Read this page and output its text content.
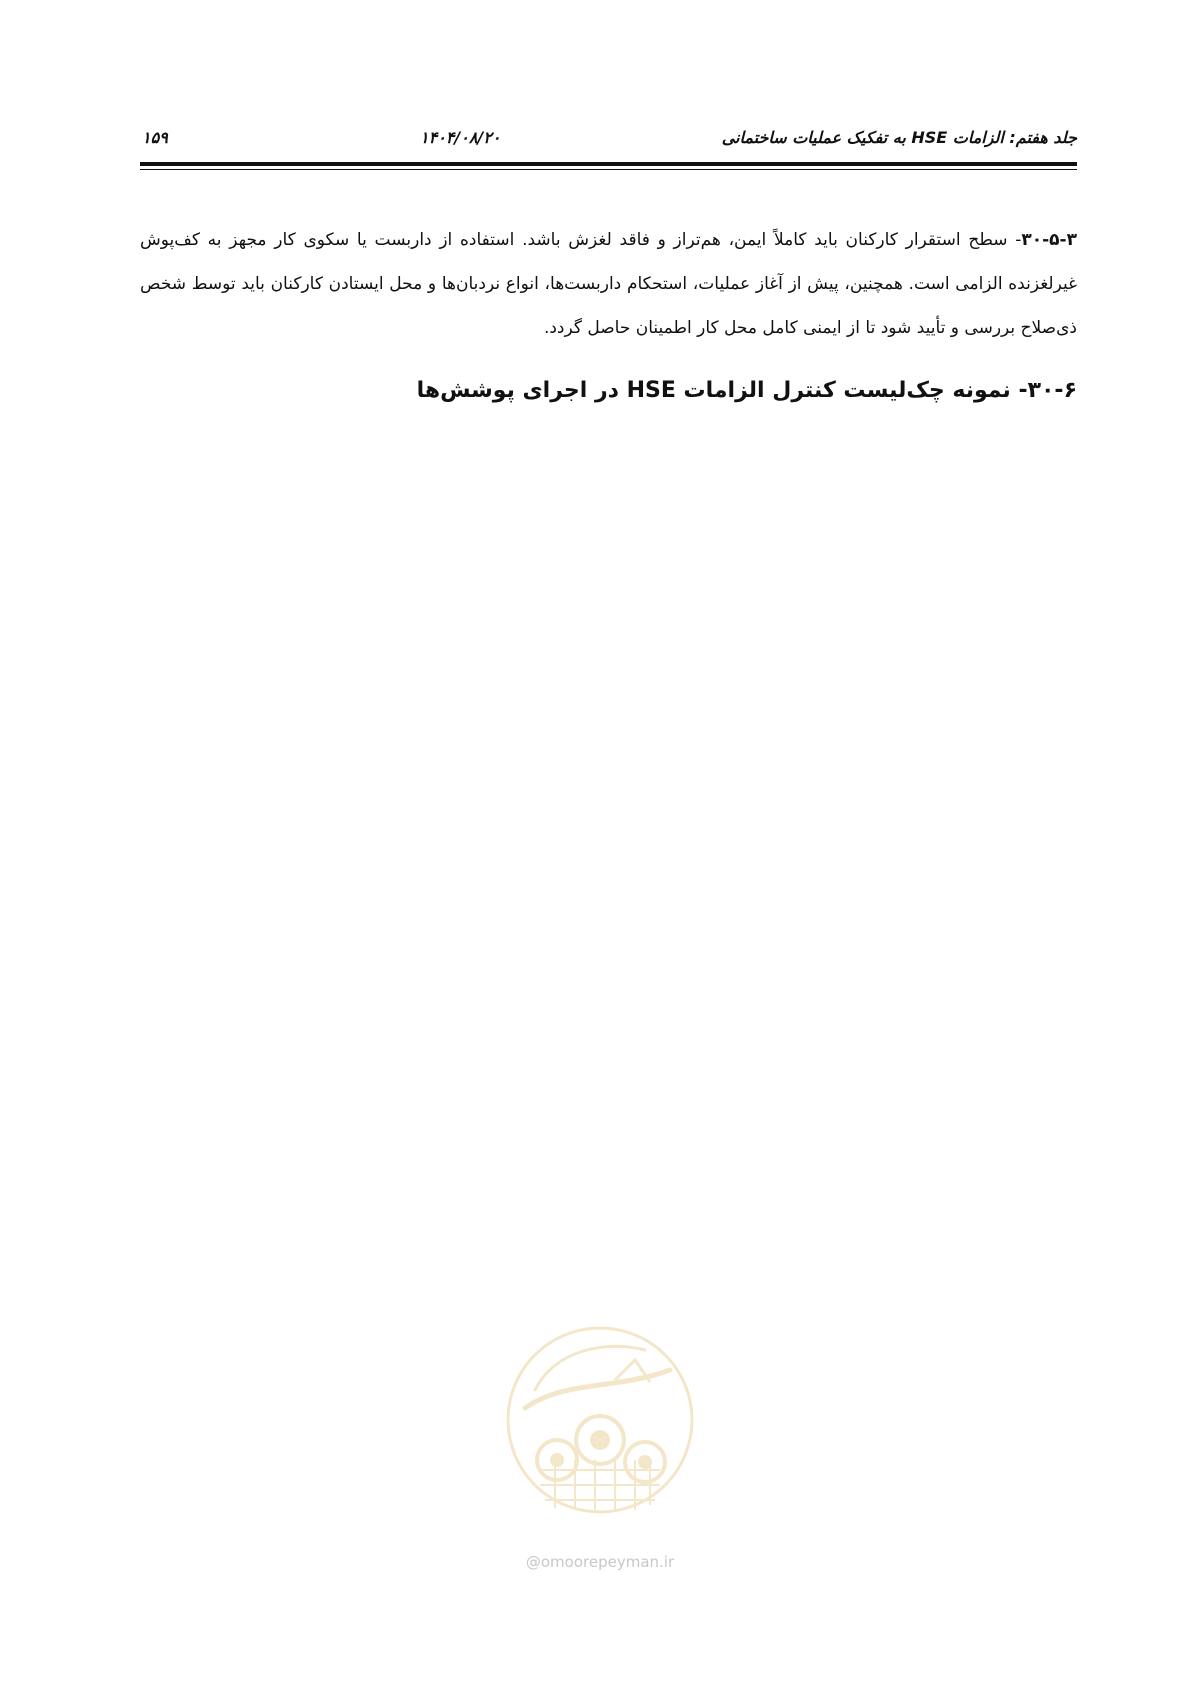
جلد هفتم: الزامات HSE به تفکیک عملیات ساختمانی
۱۴۰۴/۰۸/۲۰
۱۵۹
۳۰-۵-۳- سطح استقرار کارکنان باید کاملاً ایمن، هم‌تراز و فاقد لغزش باشد. استفاده از داربست یا سکوی کار مجهز به کف‌پوش غیرلغزنده الزامی است. همچنین، پیش از آغاز عملیات، استحکام داربست‌ها، انواع نردبان‌ها و محل ایستادن کارکنان باید توسط شخص ذی‌صلاح بررسی و تأیید شود تا از ایمنی کامل محل کار اطمینان حاصل گردد.
۳۰-۶- نمونه چک‌لیست کنترل الزامات HSE در اجرای پوشش‌ها
@omoorepeyman.ir
